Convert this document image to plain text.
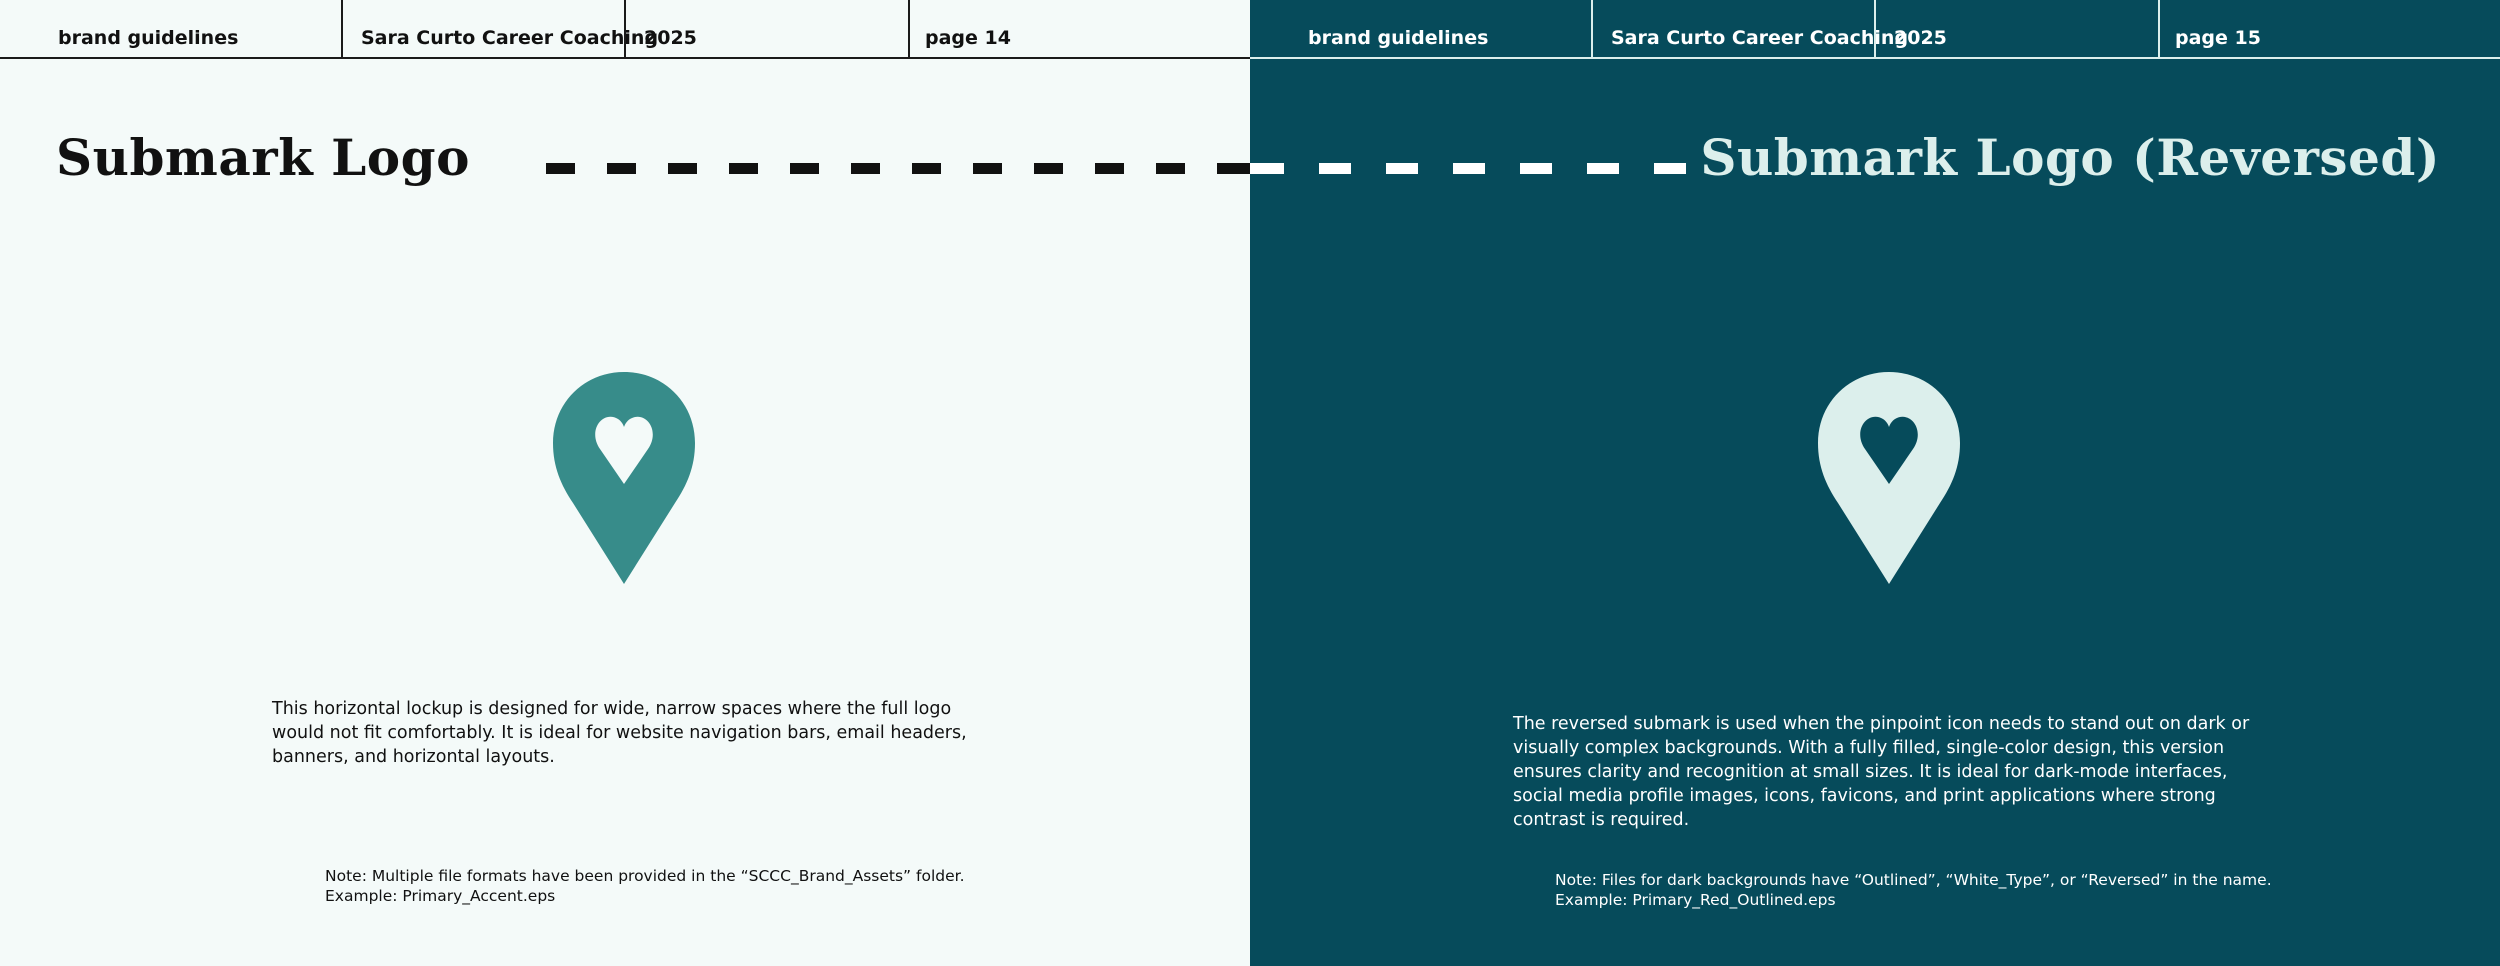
brand guidelines	Sara Curto Career Coaching
2025	page 14
Submark Logo

This horizontal lockup is designed for wide, narrow spaces where the full logo would not fit comfortably. It is ideal for website navigation bars, email headers, banners, and horizontal layouts.

Note: Multiple file formats have been provided in the “SCCC_Brand_Assets” folder.
Example: Primary_Accent.eps
brand guidelines	Sara Curto Career Coaching
2025	page 15
Submark Logo (Reversed)

The reversed submark is used when the pinpoint icon needs to stand out on dark or visually complex backgrounds. With a fully filled, single-color design, this version ensures clarity and recognition at small sizes. It is ideal for dark-mode interfaces, social media profile images, icons, favicons, and print applications where strong contrast is required.

Note: Files for dark backgrounds have “Outlined”, “White_Type”, or “Reversed” in the name.
Example: Primary_Red_Outlined.eps
